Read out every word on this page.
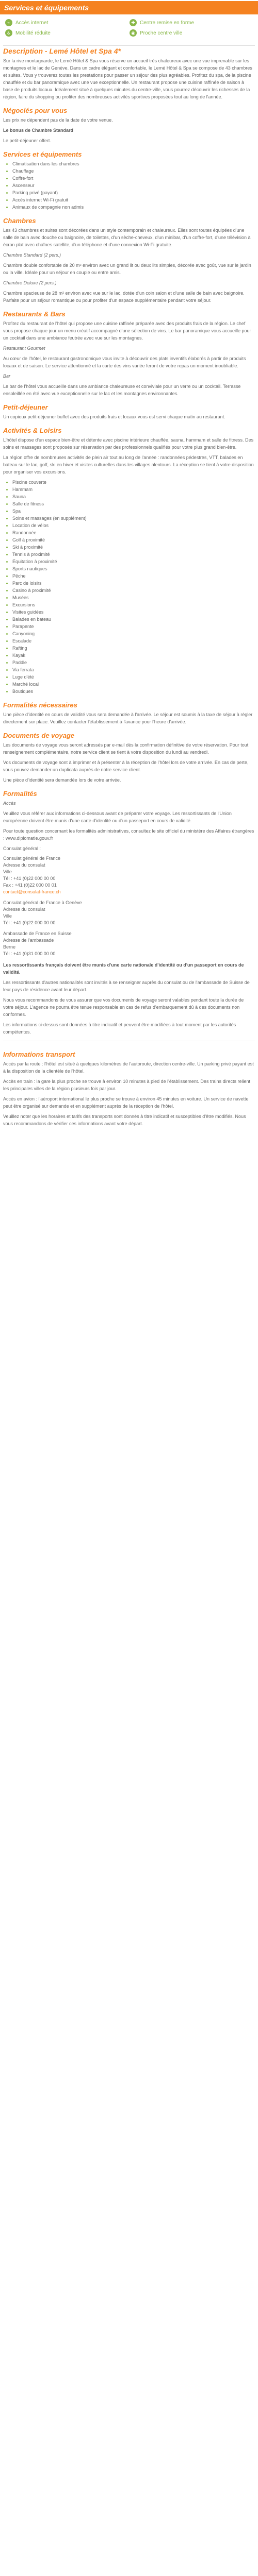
Services et équipements
⌁	Accès internet	✚ Centre remise en forme
♿ Mobilité réduite	◉ Proche centre ville
Description - Lemé Hôtel et Spa 4*

Sur la rive montagnarde, le Lemé Hôtel & Spa vous réserve un accueil très chaleureux avec une vue imprenable sur les montagnes et le lac de Genève. Dans un cadre élégant et confortable, le Lemé Hôtel & Spa se compose de 43 chambres et suites. Vous y trouverez toutes les prestations pour passer un séjour des plus agréables. Profitez du spa, de la piscine chauffée et du bar panoramique avec une vue exceptionnelle. Un restaurant propose une cuisine raffinée de saison à base de produits locaux. Idéalement situé à quelques minutes du centre-ville, vous pourrez découvrir les richesses de la région, faire du shopping ou profiter des nombreuses activités sportives proposées tout au long de l'année.

Négociés pour vous

Les prix ne dépendent pas de la date de votre venue.

Le bonus de Chambre Standard

Le petit-déjeuner offert.

Services et équipements
• Climatisation dans les chambres
• Chauffage
• Coffre-fort
• Ascenseur
• Parking privé (payant)
• Accès internet Wi-Fi gratuit
• Animaux de compagnie non admis
Chambres

Les 43 chambres et suites sont décorées dans un style contemporain et chaleureux. Elles sont toutes équipées d'une salle de bain avec douche ou baignoire, de toilettes, d'un sèche-cheveux, d'un minibar, d'un coffre-fort, d'une télévision à écran plat avec chaînes satellite, d'un téléphone et d'une connexion Wi-Fi gratuite.

Chambre Standard (2 pers.)

Chambre double confortable de 20 m² environ avec un grand lit ou deux lits simples, décorée avec goût, vue sur le jardin ou la ville. Idéale pour un séjour en couple ou entre amis.

Chambre Deluxe (2 pers.)

Chambre spacieuse de 28 m² environ avec vue sur le lac, dotée d'un coin salon et d'une salle de bain avec baignoire. Parfaite pour un séjour romantique ou pour profiter d'un espace supplémentaire pendant votre séjour.

Restaurants & Bars

Profitez du restaurant de l'hôtel qui propose une cuisine raffinée préparée avec des produits frais de la région. Le chef vous propose chaque jour un menu créatif accompagné d'une sélection de vins. Le bar panoramique vous accueille pour un cocktail dans une ambiance feutrée avec vue sur les montagnes.

Restaurant Gourmet

Au cœur de l'hôtel, le restaurant gastronomique vous invite à découvrir des plats inventifs élaborés à partir de produits locaux et de saison. Le service attentionné et la carte des vins variée feront de votre repas un moment inoubliable.

Bar

Le bar de l'hôtel vous accueille dans une ambiance chaleureuse et conviviale pour un verre ou un cocktail. Terrasse ensoleillée en été avec vue exceptionnelle sur le lac et les montagnes environnantes.

Petit-déjeuner

Un copieux petit-déjeuner buffet avec des produits frais et locaux vous est servi chaque matin au restaurant.

Activités & Loisirs

L'hôtel dispose d'un espace bien-être et détente avec piscine intérieure chauffée, sauna, hammam et salle de fitness. Des soins et massages sont proposés sur réservation par des professionnels qualifiés pour votre plus grand bien-être.

La région offre de nombreuses activités de plein air tout au long de l'année : randonnées pédestres, VTT, balades en bateau sur le lac, golf, ski en hiver et visites culturelles dans les villages alentours. La réception se tient à votre disposition pour organiser vos excursions.

• Piscine couverte
• Hammam
• Sauna
• Salle de fitness
• Spa
• Soins et massages (en supplément)
• Location de vélos
• Randonnée
• Golf à proximité
• Ski à proximité
• Tennis à proximité
• Équitation à proximité
• Sports nautiques
• Pêche
• Parc de loisirs
• Casino à proximité
• Musées
• Excursions
• Visites guidées
• Balades en bateau
• Parapente
• Canyoning
• Escalade
• Rafting
• Kayak
• Paddle
• Via ferrata
• Luge d'été
• Marché local
• Boutiques
Formalités nécessaires

Une pièce d'identité en cours de validité vous sera demandée à l'arrivée. Le séjour est soumis à la taxe de séjour à régler directement sur place. Veuillez contacter l'établissement à l'avance pour l'heure d'arrivée.

Documents de voyage

Les documents de voyage vous seront adressés par e-mail dès la confirmation définitive de votre réservation. Pour tout renseignement complémentaire, notre service client se tient à votre disposition du lundi au vendredi.

Vos documents de voyage sont à imprimer et à présenter à la réception de l'hôtel lors de votre arrivée. En cas de perte, vous pouvez demander un duplicata auprès de notre service client.

Une pièce d'identité sera demandée lors de votre arrivée.

Formalités

Accès

Veuillez vous référer aux informations ci-dessous avant de préparer votre voyage. Les ressortissants de l'Union européenne doivent être munis d'une carte d'identité ou d'un passeport en cours de validité.

Pour toute question concernant les formalités administratives, consultez le site officiel du ministère des Affaires étrangères : www.diplomatie.gouv.fr

Consulat général :

Consulat général de France
Adresse du consulat
Ville
Tél : +41 (0)22 000 00 00
Fax : +41 (0)22 000 00 01
contact@consulat-france.ch
Consulat général de France à Genève
Adresse du consulat
Ville
Tél : +41 (0)22 000 00 00
Ambassade de France en Suisse
Adresse de l'ambassade
Berne
Tél : +41 (0)31 000 00 00

Les ressortissants français doivent être munis d'une carte nationale d'identité ou d'un passeport en cours de validité.

Les ressortissants d'autres nationalités sont invités à se renseigner auprès du consulat ou de l'ambassade de Suisse de leur pays de résidence avant leur départ.

Nous vous recommandons de vous assurer que vos documents de voyage seront valables pendant toute la durée de votre séjour. L'agence ne pourra être tenue responsable en cas de refus d'embarquement dû à des documents non conformes.

Les informations ci-dessus sont données à titre indicatif et peuvent être modifiées à tout moment par les autorités compétentes.

Informations transport

Accès par la route : l'hôtel est situé à quelques kilomètres de l'autoroute, direction centre-ville. Un parking privé payant est à la disposition de la clientèle de l'hôtel.

Accès en train : la gare la plus proche se trouve à environ 10 minutes à pied de l'établissement. Des trains directs relient les principales villes de la région plusieurs fois par jour.

Accès en avion : l'aéroport international le plus proche se trouve à environ 45 minutes en voiture. Un service de navette peut être organisé sur demande et en supplément auprès de la réception de l'hôtel.

Veuillez noter que les horaires et tarifs des transports sont donnés à titre indicatif et susceptibles d'être modifiés. Nous vous recommandons de vérifier ces informations avant votre départ.
